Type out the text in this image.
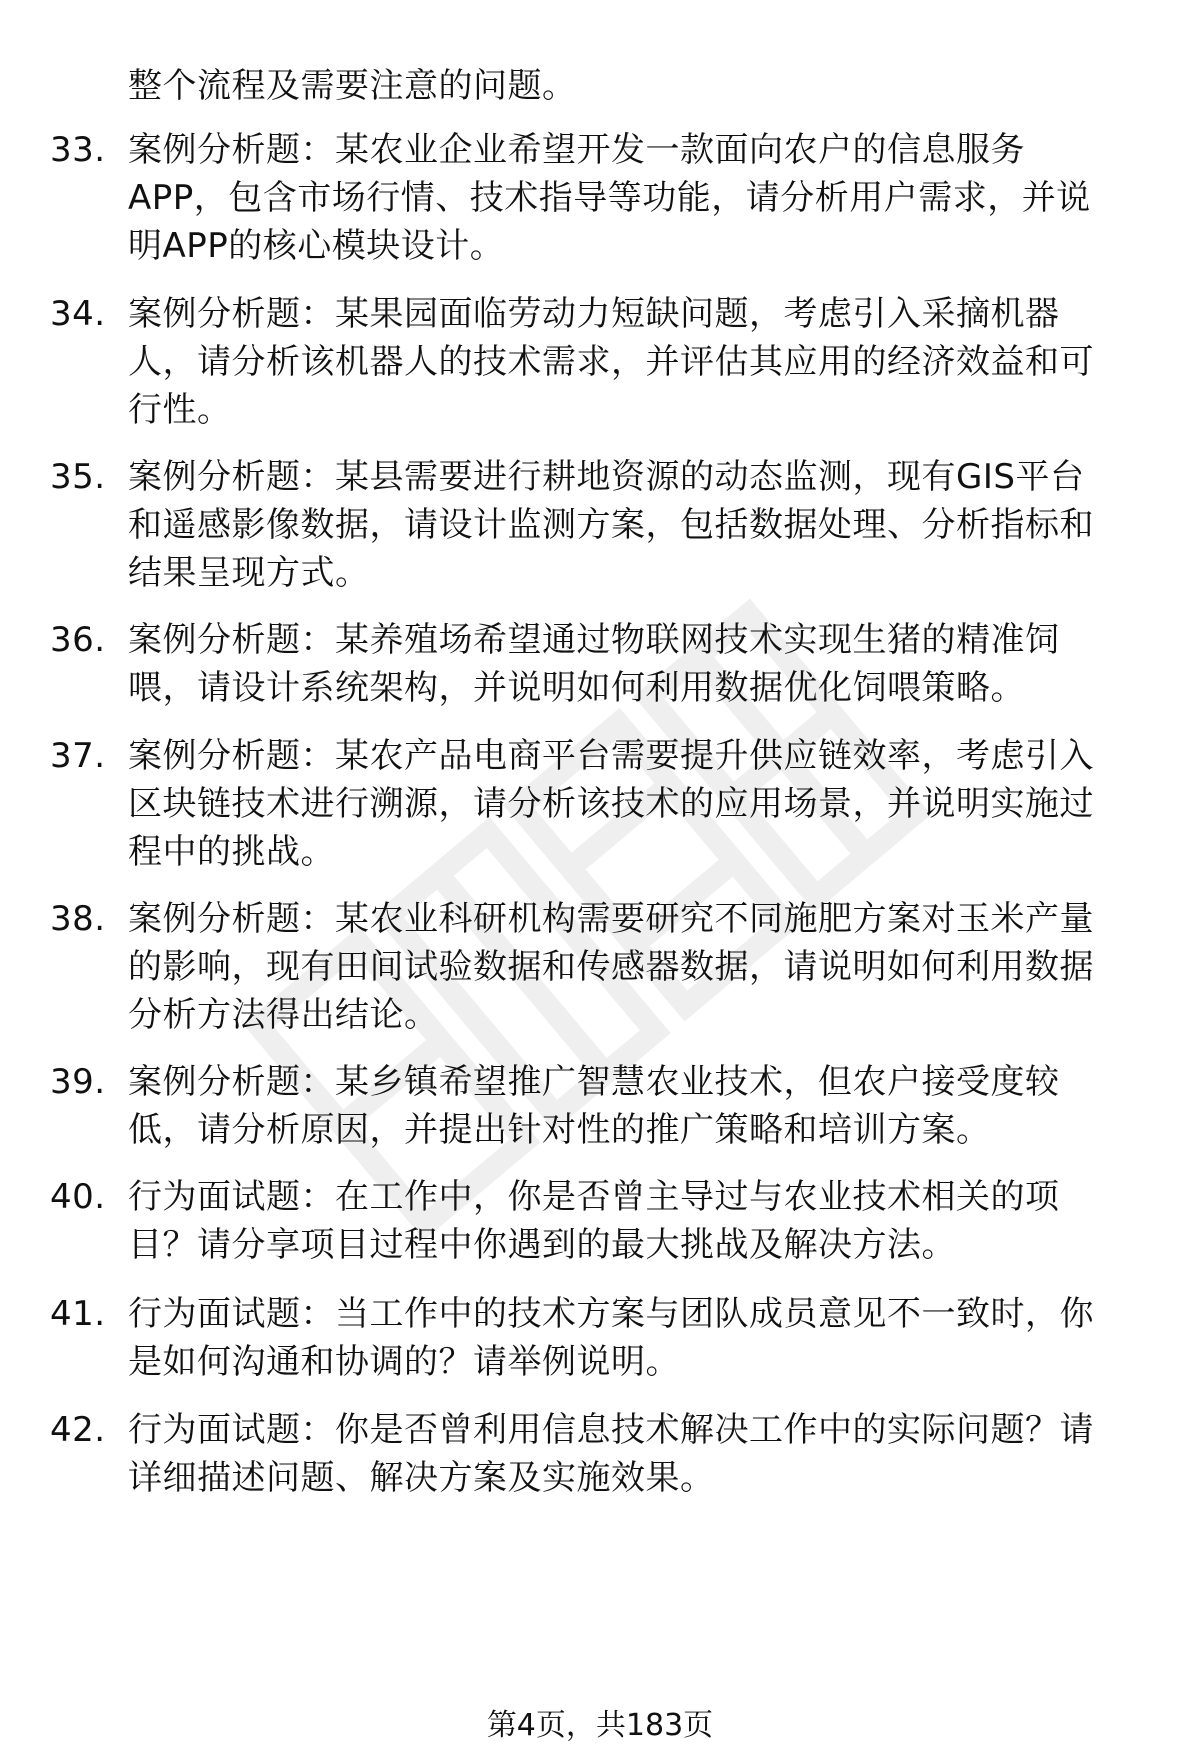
整个流程及需要注意的问题。
33. 案例分析题：某农业企业希望开发一款面向农户的信息服务
APP，包含市场行情、技术指导等功能，请分析用户需求，并说
明APP的核心模块设计。
34. 案例分析题：某果园面临劳动力短缺问题，考虑引入采摘机器
人，请分析该机器人的技术需求，并评估其应用的经济效益和可
行性。
35. 案例分析题：某县需要进行耕地资源的动态监测，现有GIS平台
和遥感影像数据，请设计监测方案，包括数据处理、分析指标和
结果呈现方式。
36. 案例分析题：某养殖场希望通过物联网技术实现生猪的精准饲
喂，请设计系统架构，并说明如何利用数据优化饲喂策略。
37. 案例分析题：某农产品电商平台需要提升供应链效率，考虑引入
区块链技术进行溯源，请分析该技术的应用场景，并说明实施过
程中的挑战。
38. 案例分析题：某农业科研机构需要研究不同施肥方案对玉米产量
的影响，现有田间试验数据和传感器数据，请说明如何利用数据
分析方法得出结论。
39. 案例分析题：某乡镇希望推广智慧农业技术，但农户接受度较
低，请分析原因，并提出针对性的推广策略和培训方案。
40. 行为面试题：在工作中，你是否曾主导过与农业技术相关的项
目？请分享项目过程中你遇到的最大挑战及解决方法。
41. 行为面试题：当工作中的技术方案与团队成员意见不一致时，你
是如何沟通和协调的？请举例说明。
42. 行为面试题：你是否曾利用信息技术解决工作中的实际问题？请
详细描述问题、解决方案及实施效果。
第4页，共183页
